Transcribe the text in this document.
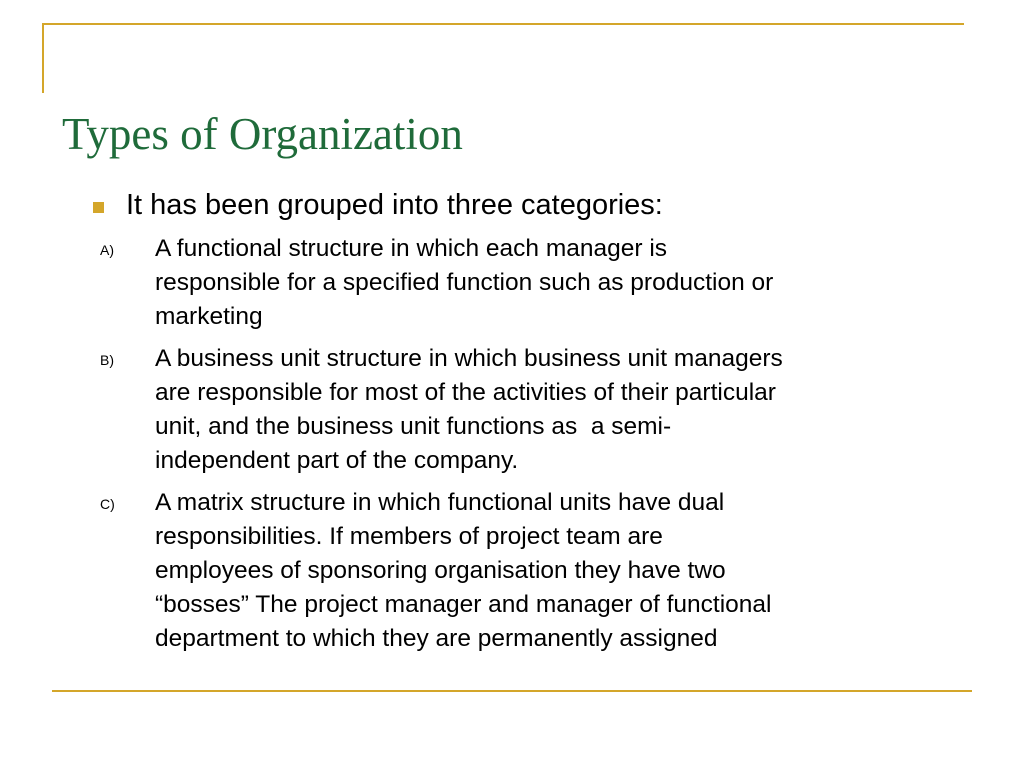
Types of Organization
It has been grouped into three categories:
A) A functional structure in which each manager is
responsible for a specified function such as production or
marketing
B) A business unit structure in which business unit managers
are responsible for most of the activities of their particular
unit, and the business unit functions as  a semi-
independent part of the company.
C) A matrix structure in which functional units have dual
responsibilities. If members of project team are
employees of sponsoring organisation they have two
“bosses” The project manager and manager of functional
department to which they are permanently assigned
